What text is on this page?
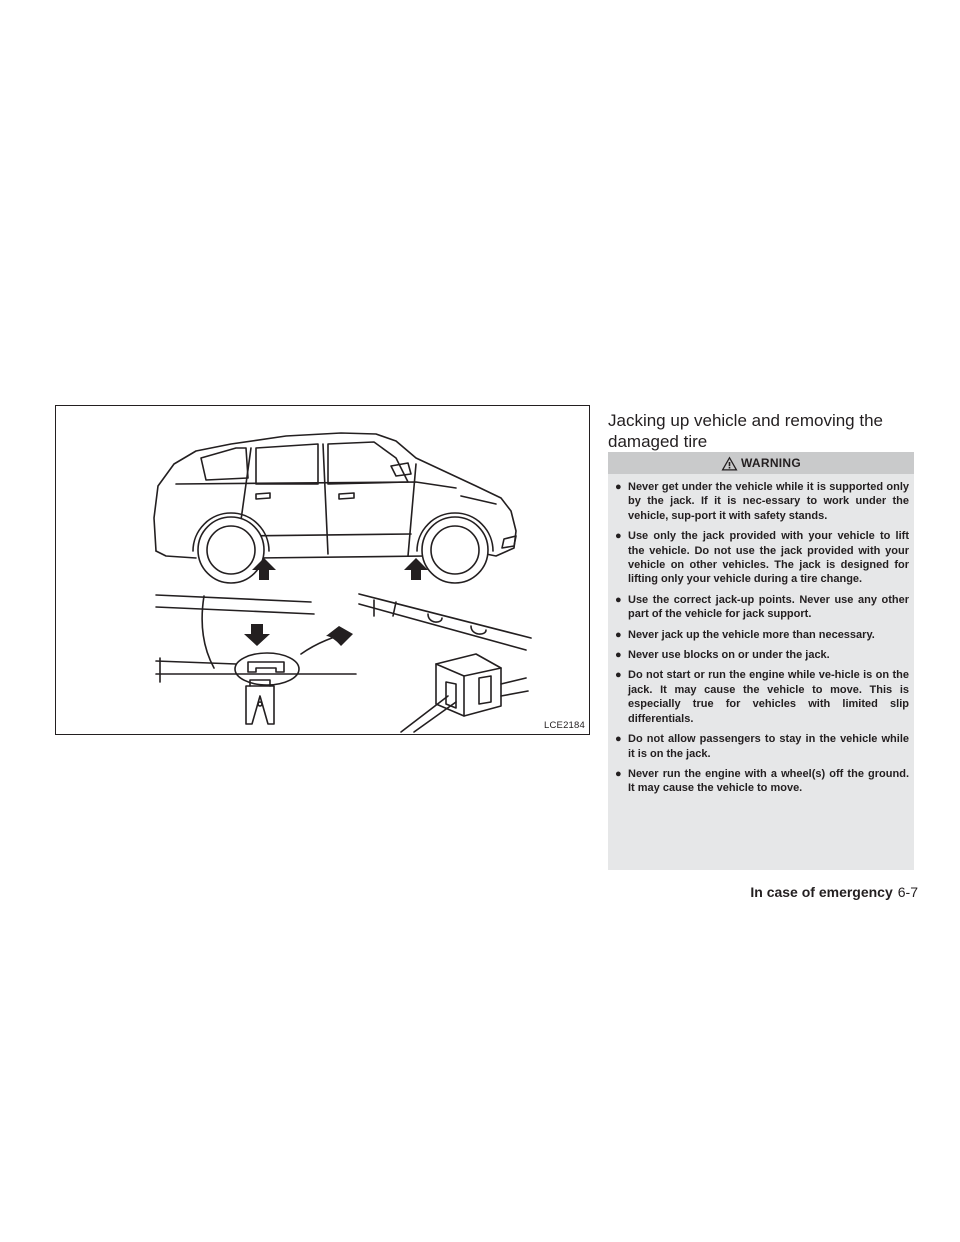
LCE2184
Jacking up vehicle and removing the damaged tire
WARNING
● Never get under the vehicle while it is supported only by the jack. If it is nec-essary to work under the vehicle, sup-port it with safety stands.
● Use only the jack provided with your vehicle to lift the vehicle. Do not use the jack provided with your vehicle on other vehicles. The jack is designed for lifting only your vehicle during a tire change.
● Use the correct jack-up points. Never use any other part of the vehicle for jack support.
● Never jack up the vehicle more than necessary.
● Never use blocks on or under the jack.
● Do not start or run the engine while ve-hicle is on the jack. It may cause the vehicle to move. This is especially true for vehicles with limited slip differentials.
● Do not allow passengers to stay in the vehicle while it is on the jack.
● Never run the engine with a wheel(s) off the ground. It may cause the vehicle to move.
In case of emergency 6-7
